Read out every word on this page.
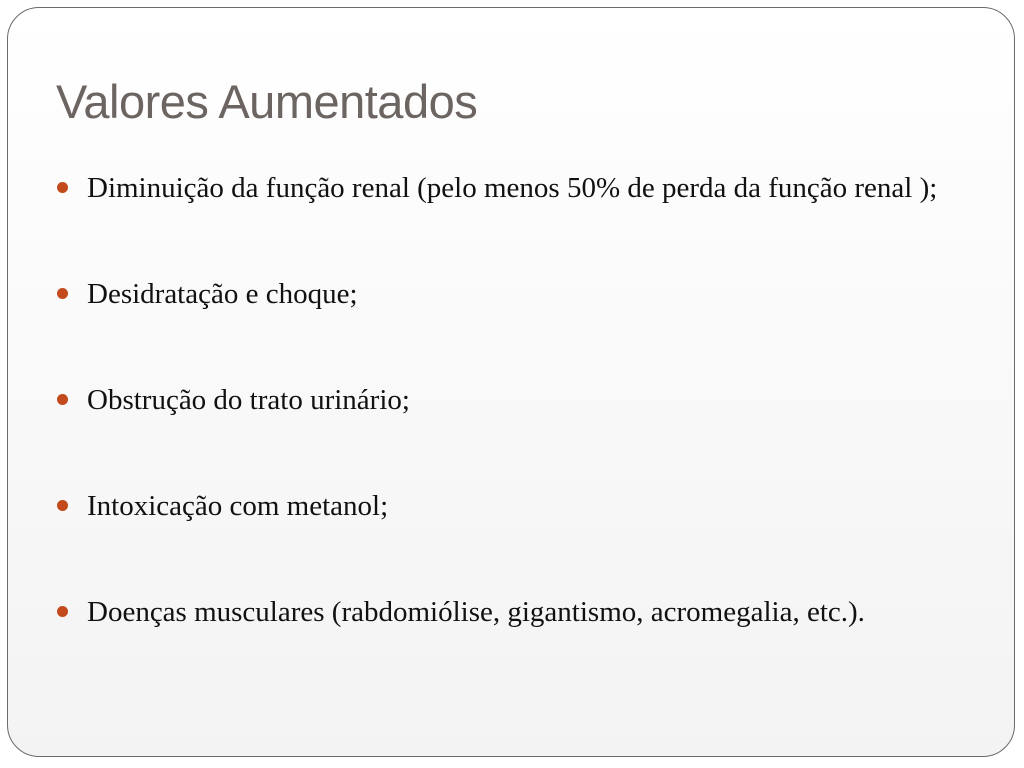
Valores Aumentados
Diminuição da função renal (pelo menos 50% de perda da função renal );
Desidratação e choque;
Obstrução do trato urinário;
Intoxicação com metanol;
Doenças musculares (rabdomiólise, gigantismo, acromegalia, etc.).
